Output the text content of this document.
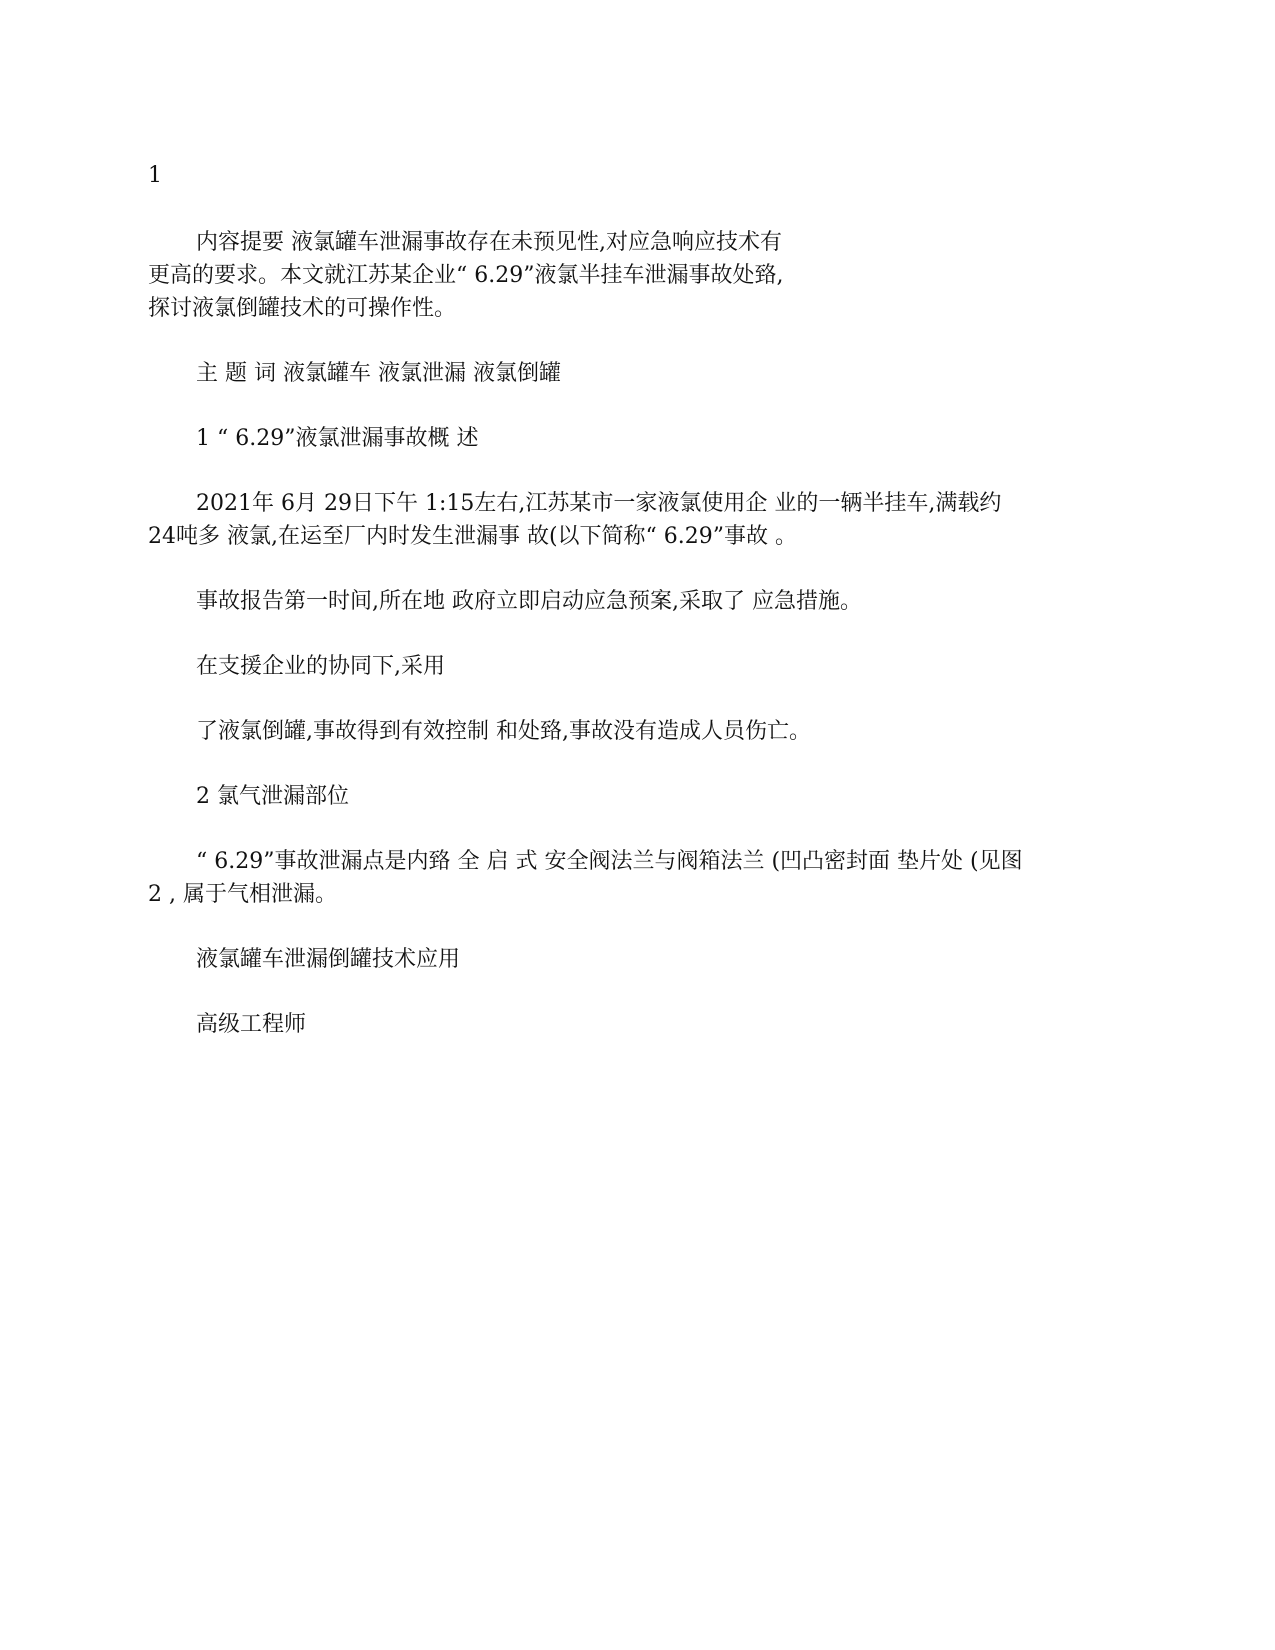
1
内容提要 液氯罐车泄漏事故存在未预见性,对应急响应技术有
更高的要求。本文就江苏某企业“ 6.29”液氯半挂车泄漏事故处臵,
探讨液氯倒罐技术的可操作性。
主 题 词 液氯罐车 液氯泄漏 液氯倒罐
1 “ 6.29”液氯泄漏事故概 述
2021年 6月 29日下午 1:15左右,江苏某市一家液氯使用企 业的一辆半挂车,满载约
24吨多 液氯,在运至厂内时发生泄漏事 故(以下简称“ 6.29”事故 。
事故报告第一时间,所在地 政府立即启动应急预案,采取了 应急措施。
在支援企业的协同下,采用
了液氯倒罐,事故得到有效控制 和处臵,事故没有造成人员伤亡。
2 氯气泄漏部位
“ 6.29”事故泄漏点是内臵 全 启 式 安全阀法兰与阀箱法兰 (凹凸密封面 垫片处 (见图
2 , 属于气相泄漏。
液氯罐车泄漏倒罐技术应用
高级工程师
